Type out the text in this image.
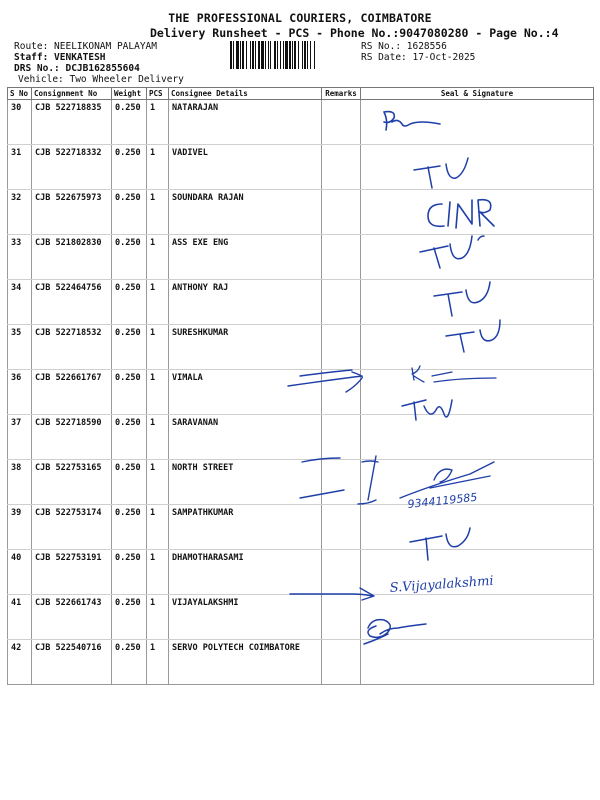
THE PROFESSIONAL COURIERS, COIMBATORE
Delivery Runsheet - PCS - Phone No.:9047080280 - Page No.:4
Route: NEELIKONAM PALAYAM
Staff: VENKATESH
DRS No.: DCJB162855604
Vehicle: Two Wheeler Delivery
RS No.: 1628556
RS Date: 17-Oct-2025
S No	Consignment No	Weight	PCS	Consignee Details	Remarks	Seal & Signature
30	CJB 522718835	0.250	1	NATARAJAN		
31	CJB 522718332	0.250	1	VADIVEL		
32	CJB 522675973	0.250	1	SOUNDARA RAJAN		
33	CJB 521802830	0.250	1	ASS EXE ENG		
34	CJB 522464756	0.250	1	ANTHONY RAJ		
35	CJB 522718532	0.250	1	SURESHKUMAR		
36	CJB 522661767	0.250	1	VIMALA		
37	CJB 522718590	0.250	1	SARAVANAN		
38	CJB 522753165	0.250	1	NORTH STREET		
39	CJB 522753174	0.250	1	SAMPATHKUMAR		
40	CJB 522753191	0.250	1	DHAMOTHARASAMI		
41	CJB 522661743	0.250	1	VIJAYALAKSHMI		
42	CJB 522540716	0.250	1	SERVO POLYTECH COIMBATORE		
CINR
9344119585
S.Vijayalakshmi
